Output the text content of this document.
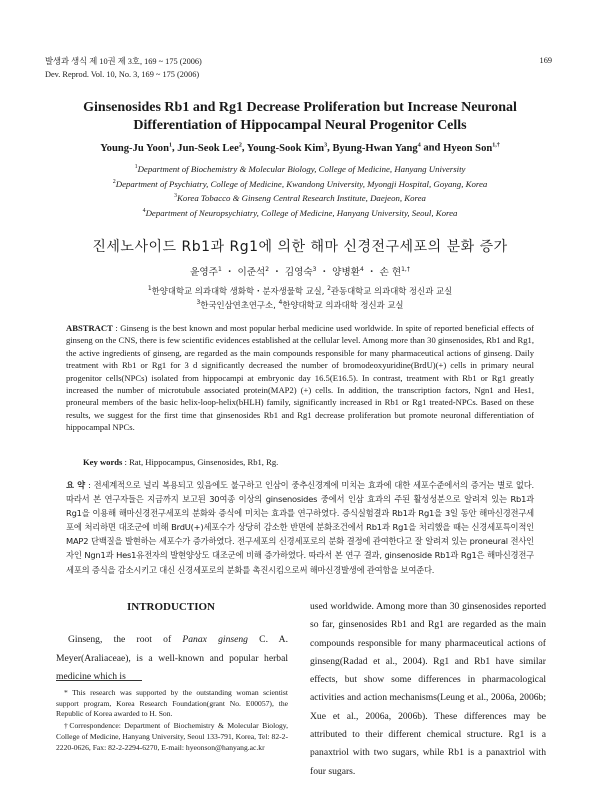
발생과 생식 제 10권 제 3호, 169 ~ 175 (2006)
Dev. Reprod. Vol. 10, No. 3, 169 ~ 175 (2006)
169
Ginsenosides Rb1 and Rg1 Decrease Proliferation but Increase Neuronal
Differentiation of Hippocampal Neural Progenitor Cells
Young-Ju Yoon$^1$, Jun-Seok Lee$^2$, Young-Sook Kim$^3$, Byung-Hwan Yang$^4$ and Hyeon Son$^{1,\dagger}$
$^1$Department of Biochemistry & Molecular Biology, College of Medicine, Hanyang University
$^2$Department of Psychiatry, College of Medicine, Kwandong University, Myongji Hospital, Goyang, Korea
$^3$Korea Tobacco & Ginseng Central Research Institute, Daejeon, Korea
$^4$Department of Neuropsychiatry, College of Medicine, Hanyang University, Seoul, Korea
진세노사이드 Rb1과 Rg1에 의한 해마 신경전구세포의 분화 증가
윤영주$^1$ ・ 이준석$^2$ ・ 김영숙$^3$ ・ 양병환$^4$ ・ 손 현$^{1,\dagger}$
$^1$한양대학교 의과대학 생화학・분자생물학 교실, $^2$관동대학교 의과대학 정신과 교실
$^3$한국인삼연초연구소, $^4$한양대학교 의과대학 정신과 교실
ABSTRACT : Ginseng is the best known and most popular herbal medicine used worldwide. In spite of reported beneficial effects of ginseng on the CNS, there is few scientific evidences established at the cellular level. Among more than 30 ginsenosides, Rb1 and Rg1, the active ingredients of ginseng, are regarded as the main compounds responsible for many pharmaceutical actions of ginseng. Daily treatment with Rb1 or Rg1 for 3 d significantly decreased the number of bromodeoxyuridine(BrdU)(+) cells in primary neural progenitor cells(NPCs) isolated from hippocampi at embryonic day 16.5(E16.5). In contrast, treatment with Rb1 or Rg1 greatly increased the number of microtubule associated protein(MAP2) (+) cells. In addition, the transcription factors, Ngn1 and Hes1, proneural members of the basic helix-loop-helix(bHLH) family, significantly increased in Rb1 or Rg1 treated-NPCs. Based on these results, we suggest for the first time that ginsenosides Rb1 and Rg1 decrease proliferation but promote neuronal differentiation of hippocampal NPCs.
Key words : Rat, Hippocampus, Ginsenosides, Rb1, Rg.
요 약 : 전세계적으로 널리 복용되고 있음에도 불구하고 인삼이 중추신경계에 미치는 효과에 대한 세포수준에서의 증거는 별로 없다. 따라서 본 연구자들은 지금까지 보고된 30여종 이상의 ginsenosides 중에서 인삼 효과의 주된 활성성분으로 알려져 있는 Rb1과 Rg1을 이용해 해마신경전구세포의 분화와 증식에 미치는 효과를 연구하였다. 증식실험결과 Rb1과 Rg1을 3일 동안 해마신경전구세포에 처리하면 대조군에 비해 BrdU(+)세포수가 상당히 감소한 반면에 분화조건에서 Rb1과 Rg1을 처리했을 때는 신경세포특이적인 MAP2 단백질을 발현하는 세포수가 증가하였다. 전구세포의 신경세포로의 분화 결정에 관여한다고 잘 알려져 있는 proneural 전사인자인 Ngn1과 Hes1유전자의 발현양상도 대조군에 비해 증가하였다. 따라서 본 연구 결과, ginsenoside Rb1과 Rg1은 해마신경전구세포의 증식을 감소시키고 대신 신경세포로의 분화를 촉진시킴으로써 해마신경발생에 관여함을 보여준다.
INTRODUCTION
Ginseng, the root of Panax ginseng C. A. Meyer(Araliaceae), is a well-known and popular herbal medicine which is

* This research was supported by the outstanding woman scientist support program, Korea Research Foundation(grant No. E00057), the Republic of Korea awarded to H. Son.

†Correspondence: Department of Biochemistry & Molecular Biology, College of Medicine, Hanyang University, Seoul 133-791, Korea, Tel: 82-2-2220-0626, Fax: 82-2-2294-6270, E-mail: hyeonson@hanyang.ac.kr

used worldwide. Among more than 30 ginsenosides reported so far, ginsenosides Rb1 and Rg1 are regarded as the main compounds responsible for many pharmaceutical actions of ginseng(Radad et al., 2004). Rg1 and Rb1 have similar effects, but show some differences in pharmacological activities and action mechanisms(Leung et al., 2006a, 2006b; Xue et al., 2006a, 2006b). These differences may be attributed to their different chemical structure. Rg1 is a panaxtriol with two sugars, while Rb1 is a panaxtriol with four sugars.
